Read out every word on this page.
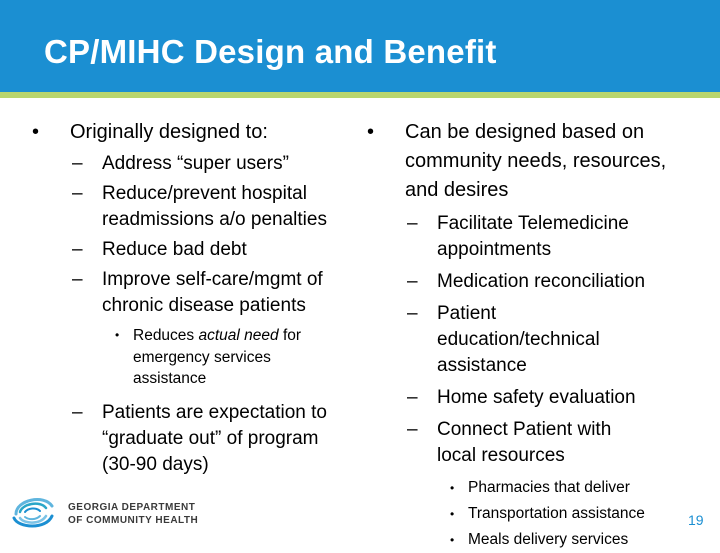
CP/MIHC Design and Benefit
• Originally designed to:
– Address “super users”
– Reduce/prevent hospital readmissions a/o penalties
– Reduce bad debt
– Improve self-care/mgmt of chronic disease patients
• Reduces actual need for emergency services assistance
– Patients are expectation to “graduate out” of program (30-90 days)
• Can be designed based on community needs, resources, and desires
– Facilitate Telemedicine appointments
– Medication reconciliation
– Patient education/technical assistance
– Home safety evaluation
– Connect Patient with local resources
• Pharmacies that deliver
• Transportation assistance
• Meals delivery services
GEORGIA DEPARTMENT
OF COMMUNITY HEALTH	19
